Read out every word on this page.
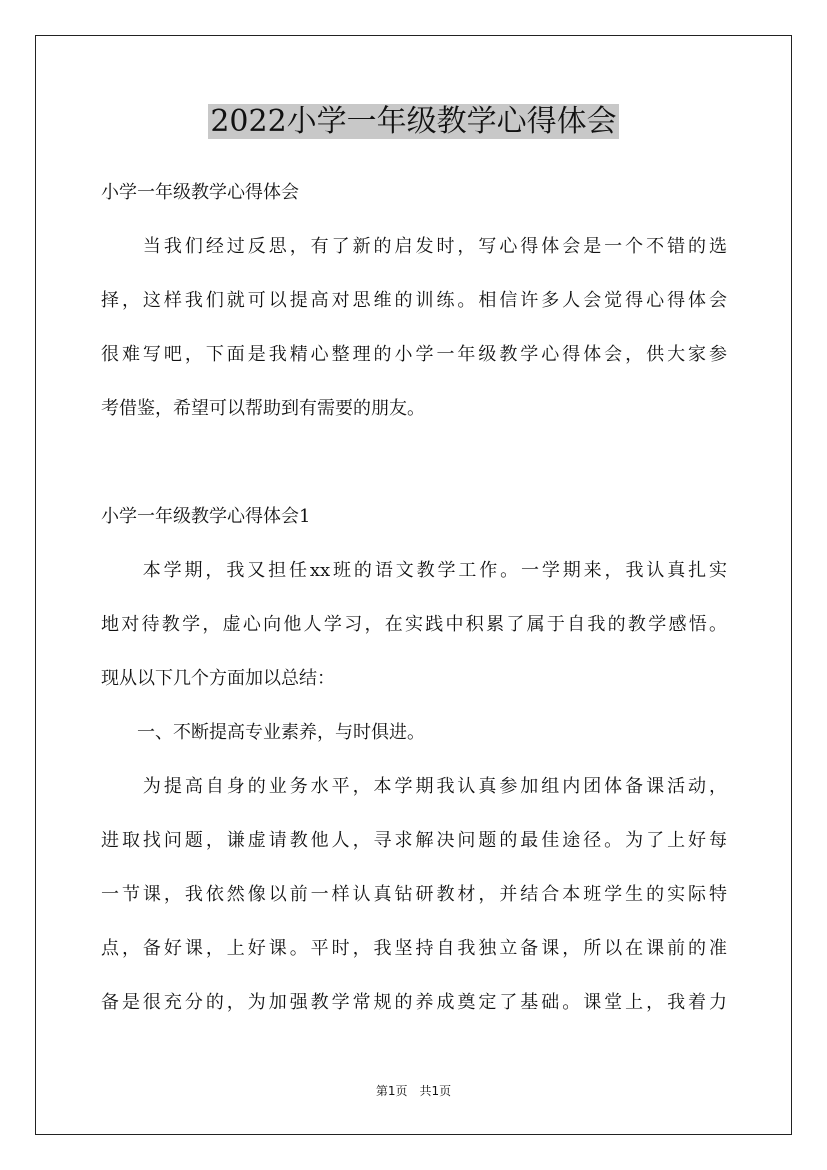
2022小学一年级教学心得体会
小学一年级教学心得体会
　　当我们经过反思，有了新的启发时，写心得体会是一个不错的选
择，这样我们就可以提高对思维的训练。相信许多人会觉得心得体会
很难写吧，下面是我精心整理的小学一年级教学心得体会，供大家参
考借鉴，希望可以帮助到有需要的朋友。
小学一年级教学心得体会1
　　本学期，我又担任xx班的语文教学工作。一学期来，我认真扎实
地对待教学，虚心向他人学习，在实践中积累了属于自我的教学感悟。
现从以下几个方面加以总结：
　　一、不断提高专业素养，与时俱进。
　　为提高自身的业务水平，本学期我认真参加组内团体备课活动，
进取找问题，谦虚请教他人，寻求解决问题的最佳途径。为了上好每
一节课，我依然像以前一样认真钻研教材，并结合本班学生的实际特
点，备好课，上好课。平时，我坚持自我独立备课，所以在课前的准
备是很充分的，为加强教学常规的养成奠定了基础。课堂上，我着力
第1页　共1页
